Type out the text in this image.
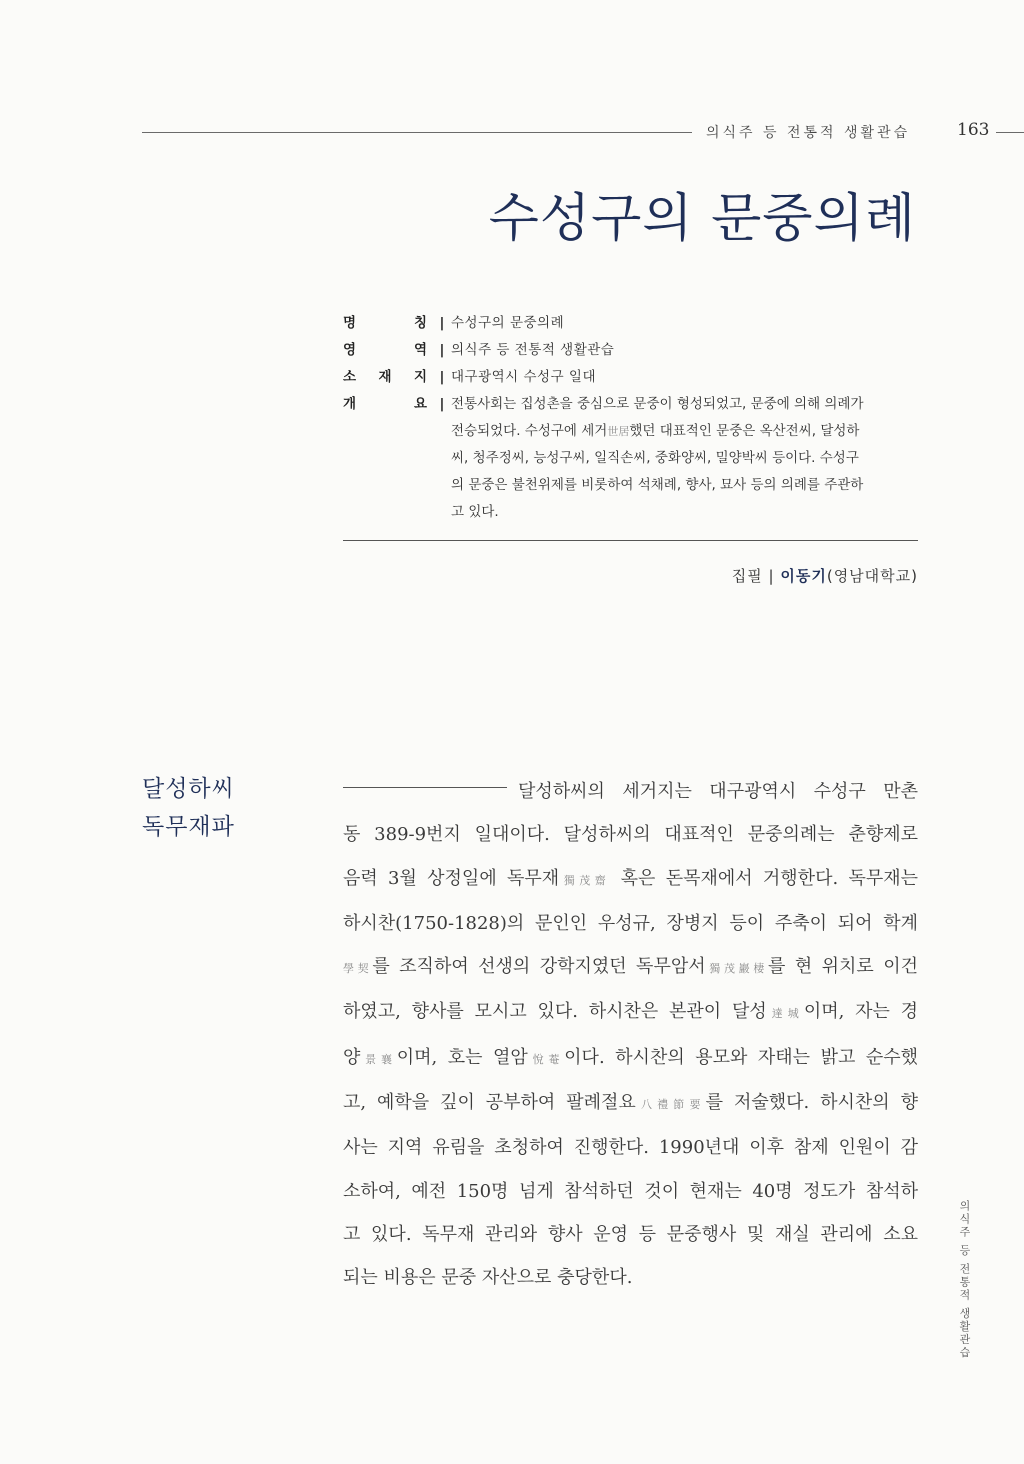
의식주 등 전통적 생활관습	163
수성구의 문중의례
명	칭 | 수성구의 문중의례
영	역 | 의식주 등 전통적 생활관습
소 재 지 | 대구광역시 수성구 일대
개	요 | 전통사회는 집성촌을 중심으로 문중이 형성되었고, 문중에 의해 의례가
전승되었다. 수성구에 세거世居했던 대표적인 문중은 옥산전씨, 달성하
씨, 청주정씨, 능성구씨, 일직손씨, 중화양씨, 밀양박씨 등이다. 수성구
의 문중은 불천위제를 비롯하여 석채례, 향사, 묘사 등의 의례를 주관하
고 있다.
집필 | 이동기(영남대학교)
달성하씨
독무재파
달성하씨의 세거지는 대구광역시 수성구 만촌
동 389-9번지 일대이다. 달성하씨의 대표적인 문중의례는 춘향제로
음력 3월 상정일에 독무재獨茂齋 혹은 돈목재에서 거행한다. 독무재는
하시찬(1750-1828)의 문인인 우성규, 장병지 등이 주축이 되어 학계
學契를 조직하여 선생의 강학지였던 독무암서獨茂巖棲를 현 위치로 이건
하였고, 향사를 모시고 있다. 하시찬은 본관이 달성達城이며, 자는 경
양景襄이며, 호는 열암悅菴이다. 하시찬의 용모와 자태는 밝고 순수했
고, 예학을 깊이 공부하여 팔례절요八禮節要를 저술했다. 하시찬의 향
사는 지역 유림을 초청하여 진행한다. 1990년대 이후 참제 인원이 감
소하여, 예전 150명 넘게 참석하던 것이 현재는 40명 정도가 참석하
고 있다. 독무재 관리와 향사 운영 등 문중행사 및 재실 관리에 소요
되는 비용은 문중 자산으로 충당한다.	의식주 등 전통적 생활관습
